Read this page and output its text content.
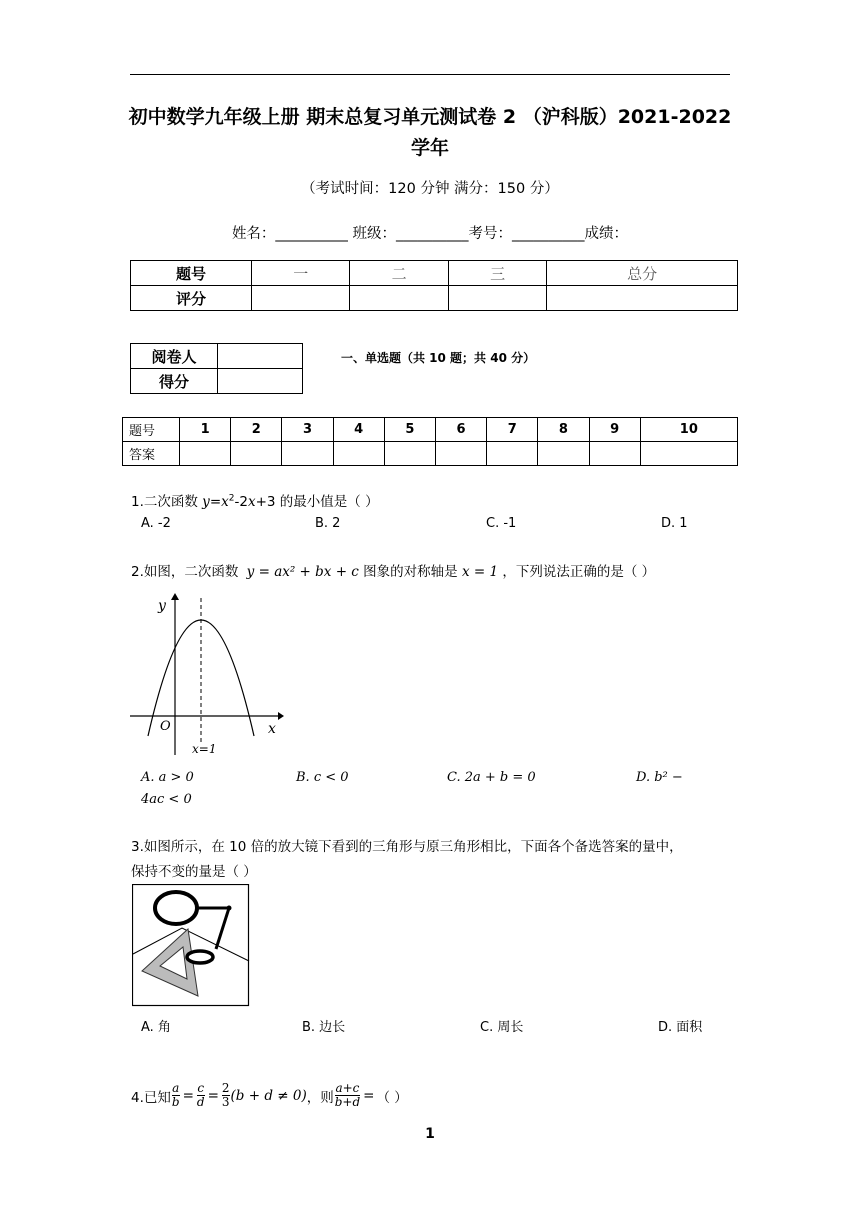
初中数学九年级上册 期末总复习单元测试卷 2 （沪科版）2021-2022
学年
（考试时间：120 分钟 满分：150 分）
姓名：__________ 班级：__________考号：__________成绩：
题号	一	二	三	总分
评分				
阅卷人	
得分	
一、单选题（共 10 题；共 40 分）
题号	1	2	3	4	5	6	7	8	9	10
答案										
1.二次函数 $y=x^2-2x+3$ 的最小值是（ ）
A. -2	B. 2	C. -1	D. 1
2.如图，二次函数 y = ax² + bx + c 图象的对称轴是 x = 1 ，下列说法正确的是（ ）
y
x
O
x=1
A. a > 0	B. c < 0	C. 2a + b = 0	D. b² −
4ac < 0
3.如图所示，在 10 倍的放大镜下看到的三角形与原三角形相比，下面各个备选答案的量中，
保持不变的量是（ ）
A. 角	B. 边长	C. 周长	D. 面积
4.已知 $\frac{a}{b} = \frac{c}{d} = \frac{2}{3} (b + d \ne 0)$ ，则 $\frac{a+c}{b+d}$ = （ ）
1
